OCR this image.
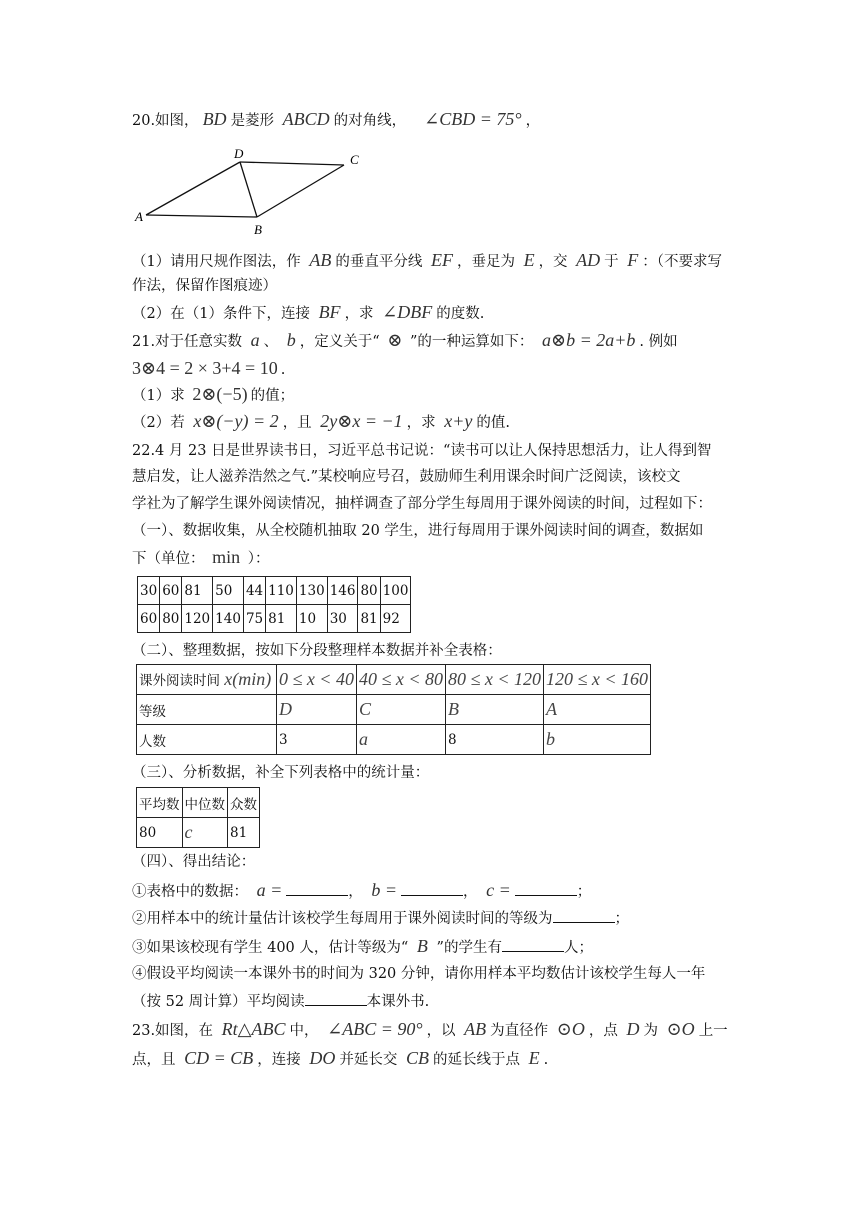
20.如图， BD 是菱形 ABCD 的对角线， ∠CBD = 75° ，
A
B
C
D
（1）请用尺规作图法，作 AB 的垂直平分线 EF ，垂足为 E ，交 AD 于 F ：（不要求写
作法，保留作图痕迹）
（2）在（1）条件下，连接 BF ，求 ∠DBF 的度数.
21.对于任意实数 a 、 b ，定义关于“ ⊗ ”的一种运算如下： a⊗b = 2a+b . 例如
3⊗4 = 2 × 3+4 = 10 .
（1）求 2⊗(−5) 的值；
（2）若 x⊗(−y) = 2 ，且 2y⊗x = −1 ，求 x+y 的值.
22.4 月 23 日是世界读书日，习近平总书记说：“读书可以让人保持思想活力，让人得到智
慧启发，让人滋养浩然之气.”某校响应号召，鼓励师生利用课余时间广泛阅读，该校文
学社为了解学生课外阅读情况，抽样调查了部分学生每周用于课外阅读的时间，过程如下：
（一）、数据收集，从全校随机抽取 20 学生，进行每周用于课外阅读时间的调查，数据如
下（单位： min ）：
30	60	81	50	44	110	130	146	80	100
60	80	120	140	75	81	10	30	81	92
（二）、整理数据，按如下分段整理样本数据并补全表格：
课外阅读时间 x(min)	0 ≤ x < 40	40 ≤ x < 80	80 ≤ x < 120	120 ≤ x < 160
等级	D	C	B	A
人数	3	a	8	b
（三）、分析数据，补全下列表格中的统计量：
平均数	中位数	众数
80	c	81
（四）、得出结论：
①表格中的数据： a =	， b =	， c =	；
②用样本中的统计量估计该校学生每周用于课外阅读时间的等级为	；
③如果该校现有学生 400 人，估计等级为“ B ”的学生有	人；
④假设平均阅读一本课外书的时间为 320 分钟，请你用样本平均数估计该校学生每人一年
（按 52 周计算）平均阅读	本课外书.
23.如图，在 Rt△ABC 中， ∠ABC = 90° ，以 AB 为直径作 ⊙O ，点 D 为 ⊙O 上一
点，且 CD = CB ，连接 DO 并延长交 CB 的延长线于点 E .
